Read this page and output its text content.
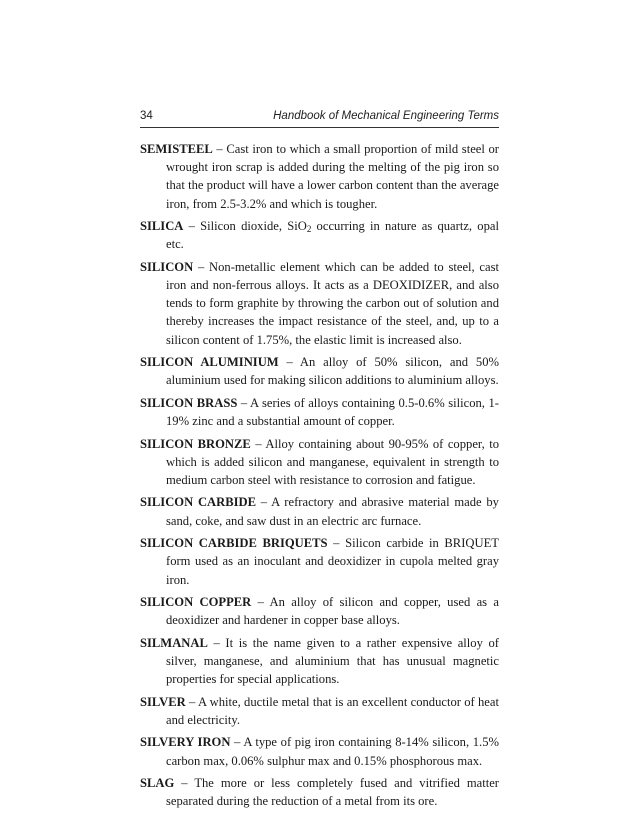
34	Handbook of Mechanical Engineering Terms

SEMISTEEL – Cast iron to which a small proportion of mild steel or wrought iron scrap is added during the melting of the pig iron so that the product will have a lower carbon content than the average iron, from 2.5-3.2% and which is tougher.

SILICA – Silicon dioxide, SiO$_2$ occurring in nature as quartz, opal etc.

SILICON – Non-metallic element which can be added to steel, cast iron and non-ferrous alloys. It acts as a DEOXIDIZER, and also tends to form graphite by throwing the carbon out of solution and thereby increases the impact resistance of the steel, and, up to a silicon content of 1.75%, the elastic limit is increased also.

SILICON ALUMINIUM – An alloy of 50% silicon, and 50% aluminium used for making silicon additions to aluminium alloys.

SILICON BRASS – A series of alloys containing 0.5-0.6% silicon, 1-19% zinc and a substantial amount of copper.

SILICON BRONZE – Alloy containing about 90-95% of copper, to which is added silicon and manganese, equivalent in strength to medium carbon steel with resistance to corrosion and fatigue.

SILICON CARBIDE – A refractory and abrasive material made by sand, coke, and saw dust in an electric arc furnace.

SILICON CARBIDE BRIQUETS – Silicon carbide in BRIQUET form used as an inoculant and deoxidizer in cupola melted gray iron.

SILICON COPPER – An alloy of silicon and copper, used as a deoxidizer and hardener in copper base alloys.

SILMANAL – It is the name given to a rather expensive alloy of silver, manganese, and aluminium that has unusual magnetic properties for special applications.

SILVER – A white, ductile metal that is an excellent conductor of heat and electricity.

SILVERY IRON – A type of pig iron containing 8-14% silicon, 1.5% carbon max, 0.06% sulphur max and 0.15% phosphorous max.

SLAG – The more or less completely fused and vitrified matter separated during the reduction of a metal from its ore.
